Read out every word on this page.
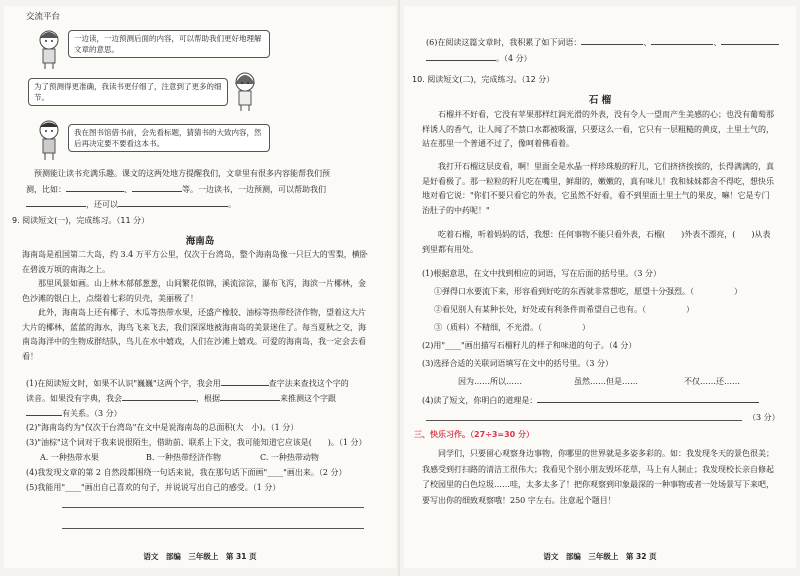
交流平台
一边读，一边预测后面的内容，可以帮助我们更好地理解文章的意思。
为了预测得更准确，我读书更仔细了，注意到了更多的细节。
我在图书馆借书前，会先看标题，猜猜书的大致内容，然后再决定要不要看这本书。
预测能让读书充满乐趣。课文的这两处地方提醒我们，文章里有很多内容能帮我们预
测，比如：	、	等。一边读书，一边预测，可以帮助我们
，还可以	。
9. 阅读短文(一)，完成练习。（11 分）
海南岛
海南岛是祖国第二大岛，约 3.4 万平方公里，仅次于台湾岛，整个海南岛像一只巨大的雪梨，横卧在碧波万顷的南海之上。
那里风景如画。山上林木郁郁葱葱，山间繁花似锦，溪流淙淙，瀑布飞泻，海滨一片椰林，金色沙滩的银白上，点缀着七彩的贝壳，美丽极了！
此外，海南岛上还有椰子、木瓜等热带水果，还盛产橡胶、油棕等热带经济作物，望着这大片大片的椰林，蓝蓝的海水，海鸟飞来飞去，我们深深地被海南岛的美景迷住了。每当夏秋之交，海南岛海洋中的生物成群结队，鸟儿在水中嬉戏，人们在沙滩上嬉戏。可爱的海南岛，我一定会去看看！
(1)在阅读短文时，如果不认识"巍巍"这两个字，我会用	查字法来查找这个字的
读音。如果没有字典，我会	，根据	来推测这个字跟
有关系。（3 分）
(2)"海南岛约为"仅次于台湾岛"在文中是说海南岛的总面积(大　小)。（1 分）
(3)"油棕"这个词对于我来说很陌生，借助前、联系上下文，我可能知道它应该是(　　)。（1 分）
A. 一种热带水果	B. 一种热带经济作物	C. 一种热带动物
(4)我发现文章的第 2 自然段都围绕一句话来说，我在那句话下面画"____"画出来。（2 分）
(5)我能用"____"画出自己喜欢的句子，并说说写出自己的感受。（1 分）
语文　部编　三年级上　第 31 页
(6)在阅读这篇文章时，我积累了如下词语：	、	、
。（4 分）
10. 阅读短文(二)，完成练习。（12 分）
石 榴
石榴并不好看，它没有苹果那样红润光滑的外表，没有令人一望而产生美感的心；也没有葡萄那样诱人的香气，让人闻了不禁口水都被吸溜，只要这么一看，它只有一层粗糙的黄皮，土里土气的，站在那里一个普通不过了，像呵着佛看着。
我打开石榴这层皮看，啊！里面全是水晶一样珍珠般的籽儿，它们挤挤挨挨的，长得满满的，真是好看极了。那一粒粒的籽儿吃在嘴里，鲜甜的，嫩嫩的，真有味儿！我和妹妹都舍不得吃，想快乐地对看它说："你们不要只看它的外表，它虽然不好看，看不到里面土里土气的果皮，嘛！它是专门治肚子的中药呢！"
吃着石榴，听着妈妈的话，我想：任何事物不能只看外表，石榴(　　)外表不漂亮，(　　)从表到里都有用处。
(1)根据意思，在文中找到相应的词语，写在后面的括号里。（3 分）
①弹得口水要流下来，形容看到好吃的东西就非常想吃，愿望十分强烈。（　　　　　）
②看见别人有某种长处，好处或有利条件而希望自己也有。（　　　　　）
③（质料）不精细，不光滑。（　　　　　）
(2)用"____"画出描写石榴籽儿的样子和味道的句子。（4 分）
(3)选择合适的关联词语填写在文中的括号里。（3 分）
因为……所以……	虽然……但是……	不仅……还……
(4)读了短文，你明白的道理是：
（3 分）
三、快乐习作。（27÷3=30 分）
同学们，只要留心观察身边事物，你哪里的世界就是多姿多彩的。如：我发现冬天的景色很美；我感受到打扫路的清洁工很伟大；我看见个别小朋友毁坏花草，马上有人制止；我发现校长亲自修起了校园里的白色垃圾……哇，太多太多了！把你观察到印象最深的一种事物或者一处场景写下来吧，要写出你的细致观察哦！250 字左右。注意起个题目！
语文　部编　三年级上　第 32 页
